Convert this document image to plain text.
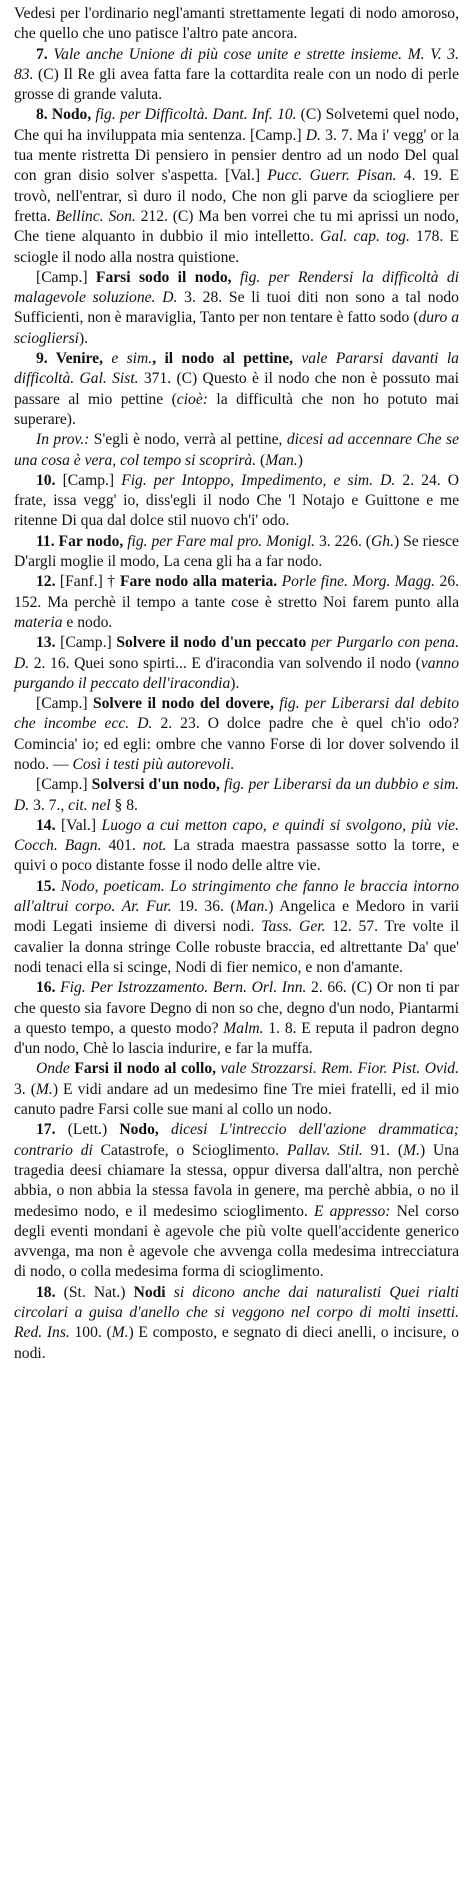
Vedesi per l'ordinario negl'amanti strettamente legati di nodo amoroso, che quello che uno patisce l'altro pate ancora.

7. Vale anche Unione di più cose unite e strette insieme. M. V. 3. 83. (C) Il Re gli avea fatta fare la cottardita reale con un nodo di perle grosse di grande valuta.

8. Nodo, fig. per Difficoltà. Dant. Inf. 10. (C) Solvetemi quel nodo, Che qui ha inviluppata mia sentenza. [Camp.] D. 3. 7. Ma i' vegg' or la tua mente ristretta Di pensiero in pensier dentro ad un nodo Del qual con gran disio solver s'aspetta. [Val.] Pucc. Guerr. Pisan. 4. 19. E trovò, nell'entrar, sì duro il nodo, Che non gli parve da sciogliere per fretta. Bellinc. Son. 212. (C) Ma ben vorrei che tu mi aprissi un nodo, Che tiene alquanto in dubbio il mio intelletto. Gal. cap. tog. 178. E sciogle il nodo alla nostra quistione.

[Camp.] Farsi sodo il nodo, fig. per Rendersi la difficoltà di malagevole soluzione. D. 3. 28. Se li tuoi diti non sono a tal nodo Sufficienti, non è maraviglia, Tanto per non tentare è fatto sodo (duro a sciogliersi).

9. Venire, e sim., il nodo al pettine, vale Pararsi davanti la difficoltà. Gal. Sist. 371. (C) Questo è il nodo che non è possuto mai passare al mio pettine (cioè: la difficultà che non ho potuto mai superare).

In prov.: S'egli è nodo, verrà al pettine, dicesi ad accennare Che se una cosa è vera, col tempo si scoprirà. (Man.)

10. [Camp.] Fig. per Intoppo, Impedimento, e sim. D. 2. 24. O frate, issa vegg' io, diss'egli il nodo Che 'l Notajo e Guittone e me ritenne Di qua dal dolce stil nuovo ch'i' odo.

11. Far nodo, fig. per Fare mal pro. Monigl. 3. 226. (Gh.) Se riesce D'argli moglie il modo, La cena gli ha a far nodo.

12. [Fanf.] † Fare nodo alla materia. Porle fine. Morg. Magg. 26. 152. Ma perchè il tempo a tante cose è stretto Noi farem punto alla materia e nodo.

13. [Camp.] Solvere il nodo d'un peccato per Purgarlo con pena. D. 2. 16. Quei sono spirti... E d'iracondia van solvendo il nodo (vanno purgando il peccato dell'iracondia).

[Camp.] Solvere il nodo del dovere, fig. per Liberarsi dal debito che incombe ecc. D. 2. 23. O dolce padre che è quel ch'io odo? Comincia' io; ed egli: ombre che vanno Forse di lor dover solvendo il nodo. — Così i testi più autorevoli.

[Camp.] Solversi d'un nodo, fig. per Liberarsi da un dubbio e sim. D. 3. 7., cit. nel § 8.

14. [Val.] Luogo a cui metton capo, e quindi si svolgono, più vie. Cocch. Bagn. 401. not. La strada maestra passasse sotto la torre, e quivi o poco distante fosse il nodo delle altre vie.

15. Nodo, poeticam. Lo stringimento che fanno le braccia intorno all'altrui corpo. Ar. Fur. 19. 36. (Man.) Angelica e Medoro in varii modi Legati insieme di diversi nodi. Tass. Ger. 12. 57. Tre volte il cavalier la donna stringe Colle robuste braccia, ed altrettante Da' que' nodi tenaci ella si scinge, Nodi di fier nemico, e non d'amante.

16. Fig. Per Istrozzamento. Bern. Orl. Inn. 2. 66. (C) Or non ti par che questo sia favore Degno di non so che, degno d'un nodo, Piantarmi a questo tempo, a questo modo? Malm. 1. 8. E reputa il padron degno d'un nodo, Chè lo lascia indurire, e far la muffa.

Onde Farsi il nodo al collo, vale Strozzarsi. Rem. Fior. Pist. Ovid. 3. (M.) E vidi andare ad un medesimo fine Tre miei fratelli, ed il mio canuto padre Farsi colle sue mani al collo un nodo.

17. (Lett.) Nodo, dicesi L'intreccio dell'azione drammatica; contrario di Catastrofe, o Scioglimento. Pallav. Stil. 91. (M.) Una tragedia deesi chiamare la stessa, oppur diversa dall'altra, non perchè abbia, o non abbia la stessa favola in genere, ma perchè abbia, o no il medesimo nodo, e il medesimo scioglimento. E appresso: Nel corso degli eventi mondani è agevole che più volte quell'accidente generico avvenga, ma non è agevole che avvenga colla medesima intrecciatura di nodo, o colla medesima forma di scioglimento.

18. (St. Nat.) Nodi si dicono anche dai naturalisti Quei rialti circolari a guisa d'anello che si veggono nel corpo di molti insetti. Red. Ins. 100. (M.) E composto, e segnato di dieci anelli, o incisure, o nodi.
